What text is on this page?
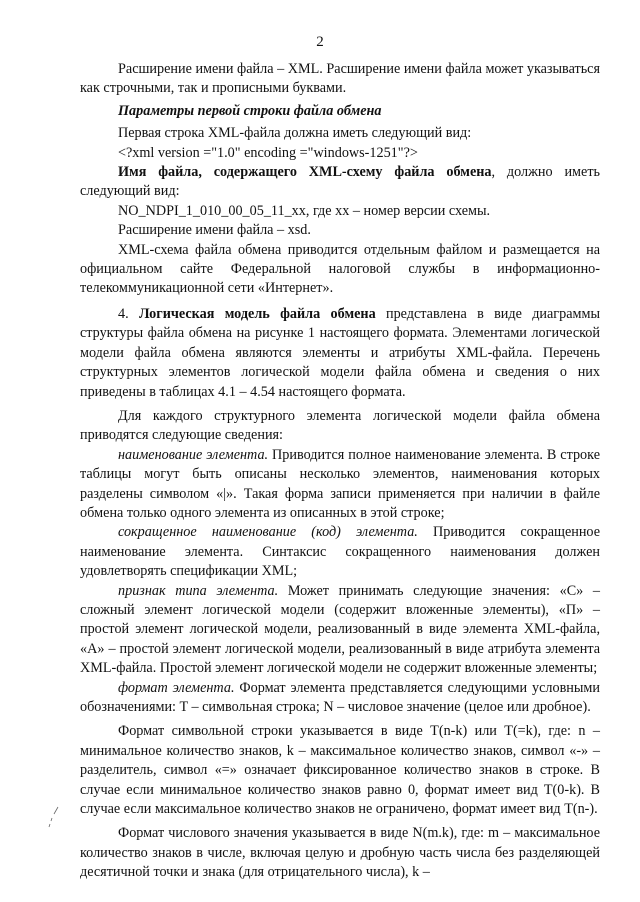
2

Расширение имени файла – XML. Расширение имени файла может указываться как строчными, так и прописными буквами.

Параметры первой строки файла обмена

Первая строка XML-файла должна иметь следующий вид:

<?xml version ="1.0" encoding ="windows-1251"?>

Имя файла, содержащего XML-схему файла обмена, должно иметь следующий вид:

NO_NDPI_1_010_00_05_11_xx, где xx – номер версии схемы.

Расширение имени файла – xsd.

XML-схема файла обмена приводится отдельным файлом и размещается на официальном сайте Федеральной налоговой службы в информационно-телекоммуникационной сети «Интернет».

4. Логическая модель файла обмена представлена в виде диаграммы структуры файла обмена на рисунке 1 настоящего формата. Элементами логической модели файла обмена являются элементы и атрибуты XML-файла. Перечень структурных элементов логической модели файла обмена и сведения о них приведены в таблицах 4.1 – 4.54 настоящего формата.

Для каждого структурного элемента логической модели файла обмена приводятся следующие сведения:

наименование элемента. Приводится полное наименование элемента. В строке таблицы могут быть описаны несколько элементов, наименования которых разделены символом «|». Такая форма записи применяется при наличии в файле обмена только одного элемента из описанных в этой строке;

сокращенное наименование (код) элемента. Приводится сокращенное наименование элемента. Синтаксис сокращенного наименования должен удовлетворять спецификации XML;

признак типа элемента. Может принимать следующие значения: «С» – сложный элемент логической модели (содержит вложенные элементы), «П» – простой элемент логической модели, реализованный в виде элемента XML-файла, «А» – простой элемент логической модели, реализованный в виде атрибута элемента XML-файла. Простой элемент логической модели не содержит вложенные элементы;

формат элемента. Формат элемента представляется следующими условными обозначениями: T – символьная строка; N – числовое значение (целое или дробное).

Формат символьной строки указывается в виде T(n-k) или T(=k), где: n – минимальное количество знаков, k – максимальное количество знаков, символ «-» – разделитель, символ «=» означает фиксированное количество знаков в строке. В случае если минимальное количество знаков равно 0, формат имеет вид T(0-k). В случае если максимальное количество знаков не ограничено, формат имеет вид T(n-).

Формат числового значения указывается в виде N(m.k), где: m – максимальное количество знаков в числе, включая целую и дробную часть числа без разделяющей десятичной точки и знака (для отрицательного числа), k –
